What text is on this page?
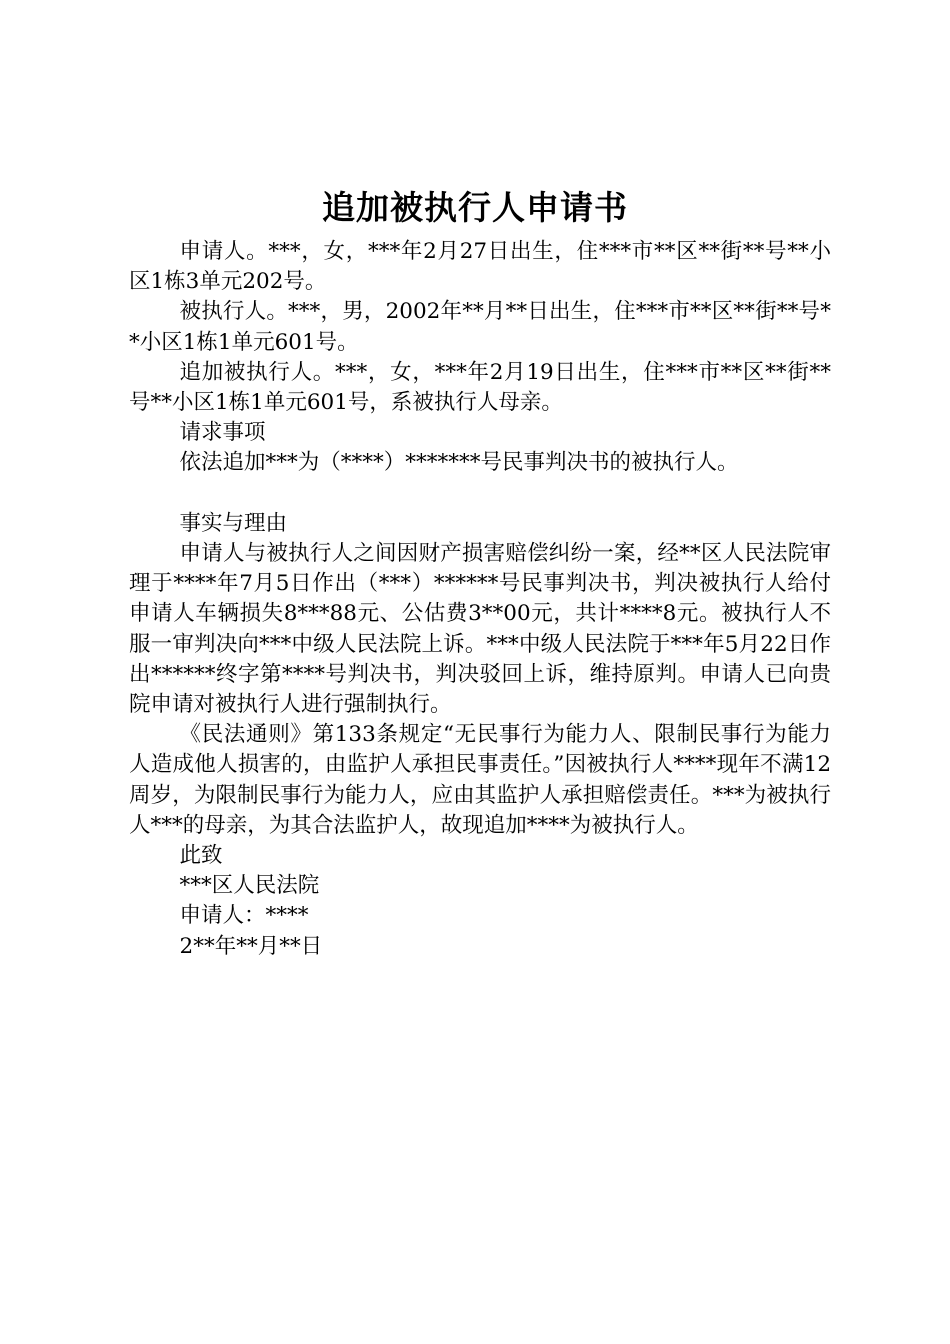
追加被执行人申请书

申请人。***，女，***年2月27日出生，住***市**区**街**号**小区1栋3单元202号。

被执行人。***，男，2002年**月**日出生，住***市**区**街**号**小区1栋1单元601号。

追加被执行人。***，女，***年2月19日出生，住***市**区**街**号**小区1栋1单元601号，系被执行人母亲。

请求事项

依法追加***为（****）*******号民事判决书的被执行人。

事实与理由

申请人与被执行人之间因财产损害赔偿纠纷一案，经**区人民法院审理于****年7月5日作出（***）******号民事判决书，判决被执行人给付申请人车辆损失8***88元、公估费3**00元，共计****8元。被执行人不服一审判决向***中级人民法院上诉。***中级人民法院于***年5月22日作出******终字第****号判决书，判决驳回上诉，维持原判。申请人已向贵院申请对被执行人进行强制执行。

《民法通则》第133条规定“无民事行为能力人、限制民事行为能力人造成他人损害的，由监护人承担民事责任。”因被执行人****现年不满12周岁，为限制民事行为能力人，应由其监护人承担赔偿责任。***为被执行人***的母亲，为其合法监护人，故现追加****为被执行人。

此致

***区人民法院

申请人：****

2**年**月**日
